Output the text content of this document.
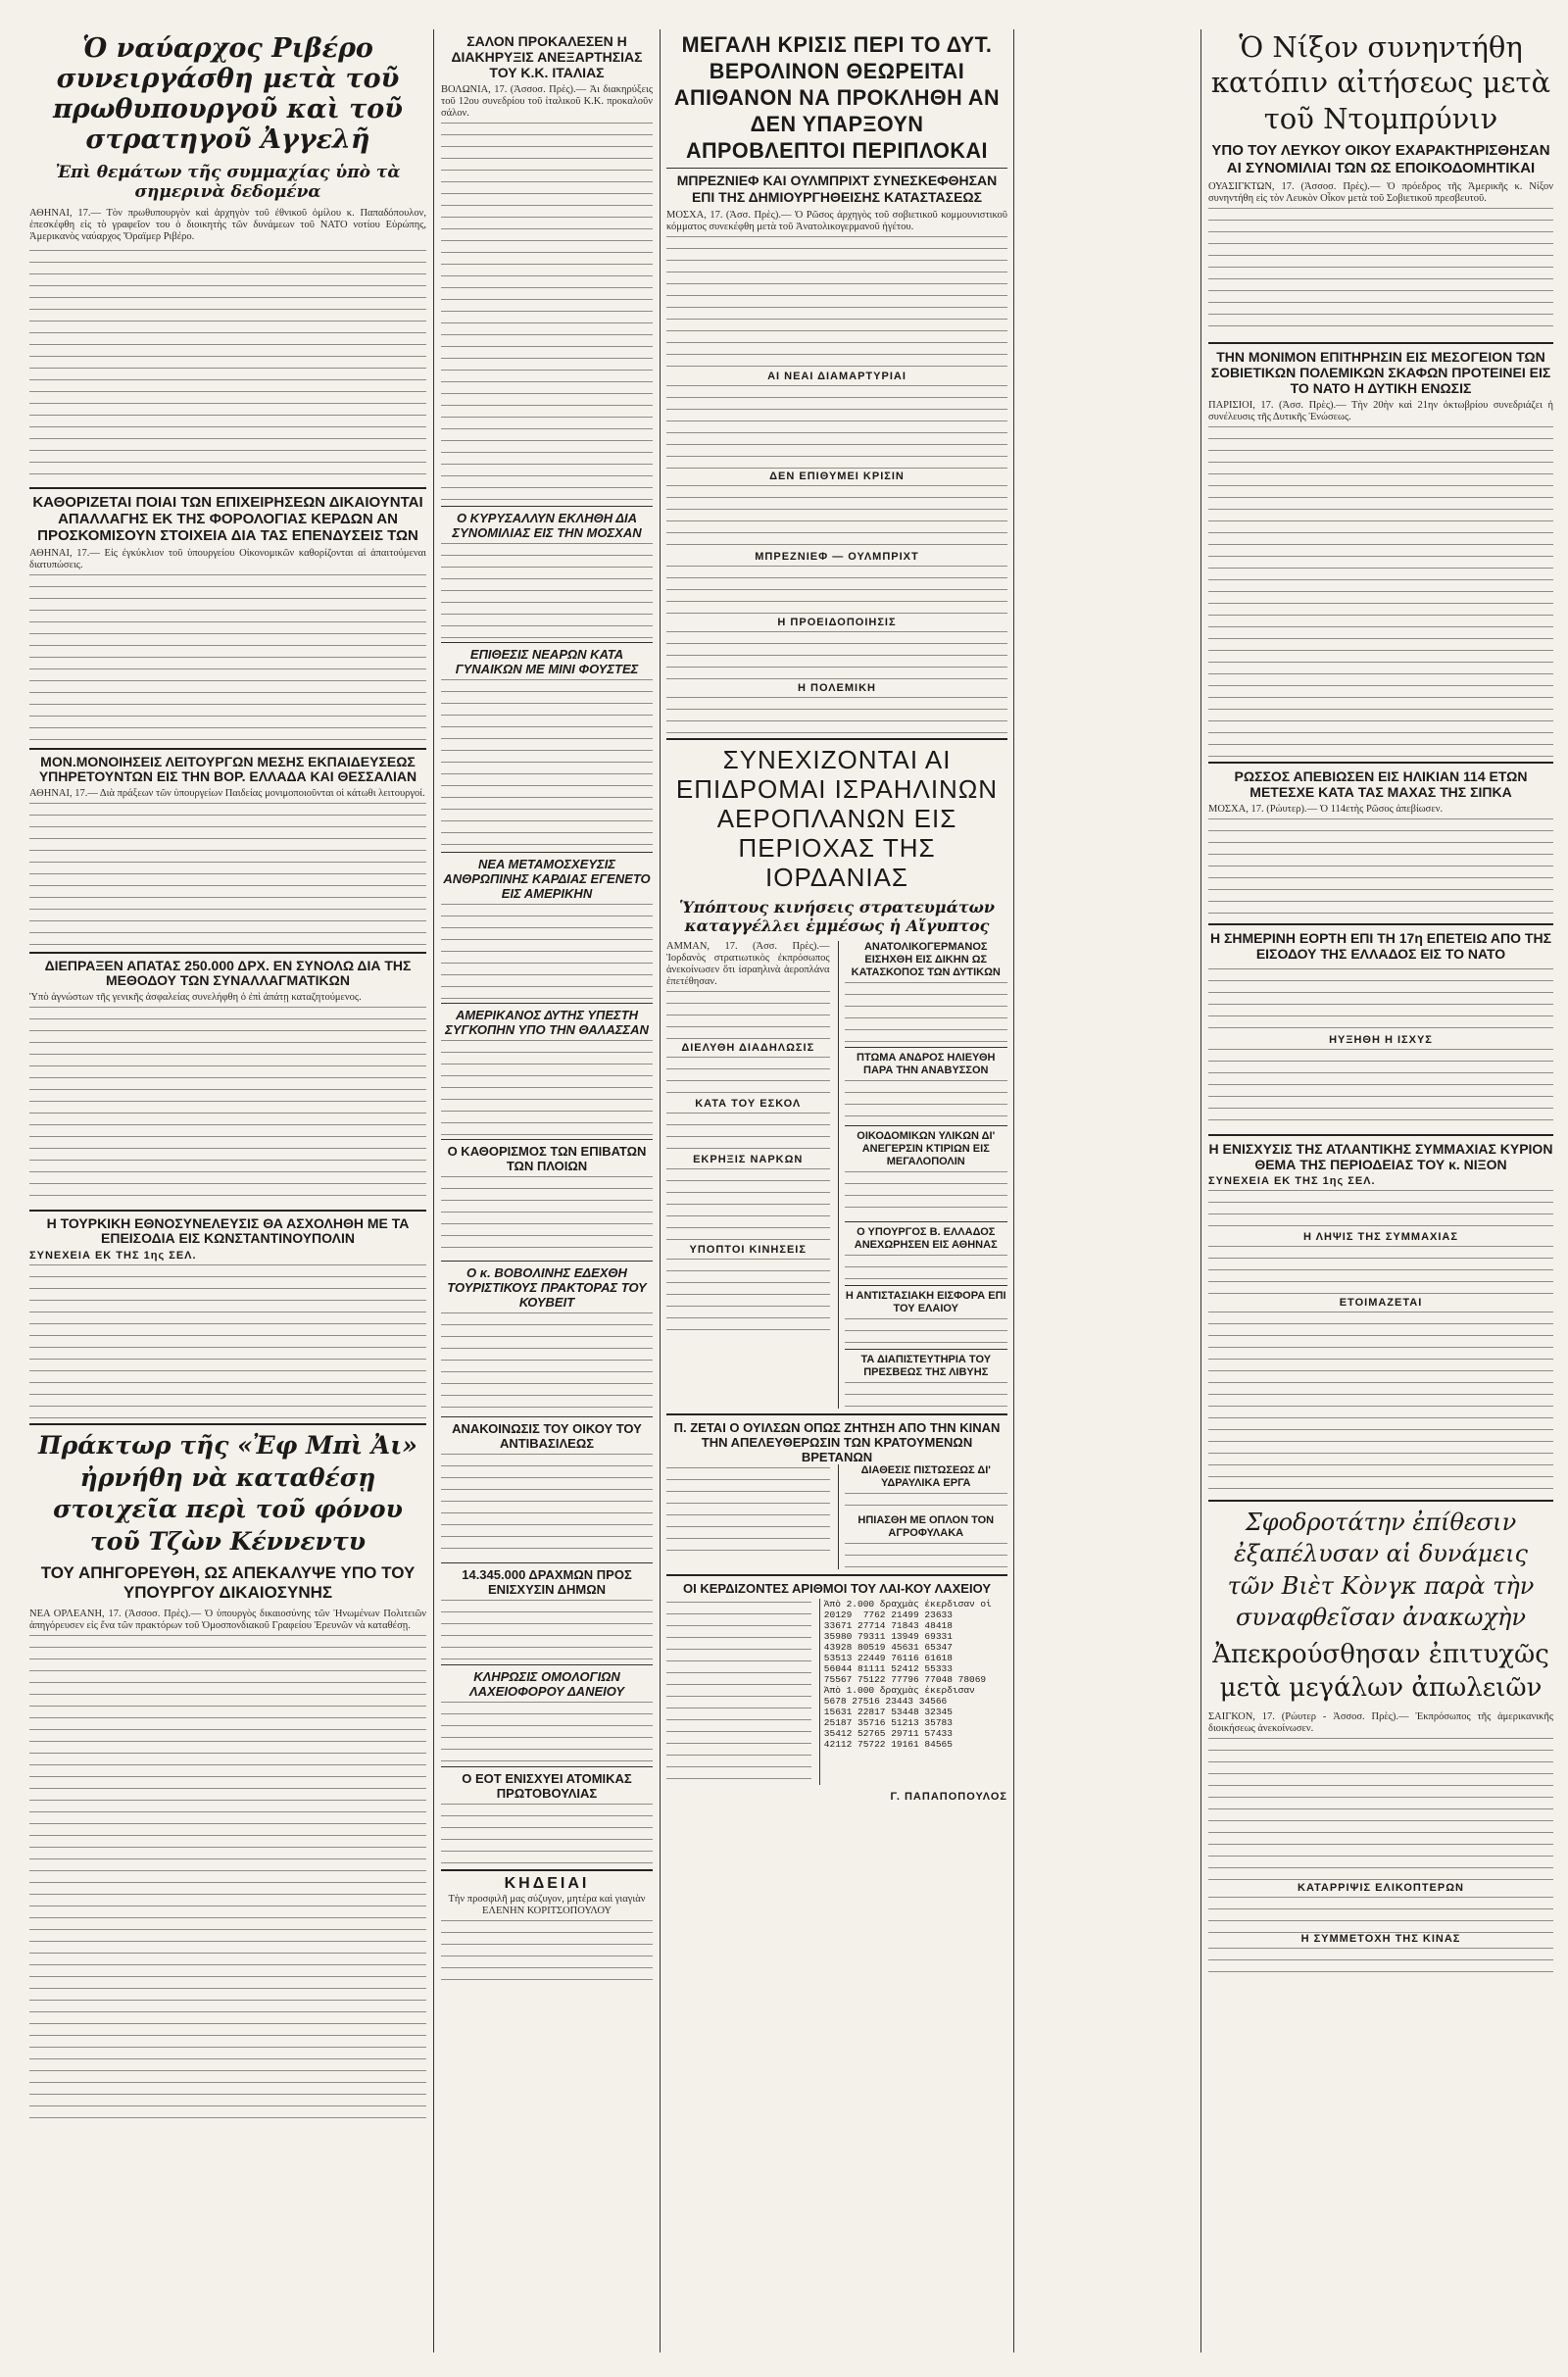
Ὁ ναύαρχος Ριβέρο συνειργάσθη μετὰ τοῦ πρωθυπουργοῦ καὶ τοῦ στρατηγοῦ Ἀγγελῆ
Ἐπὶ θεμάτων τῆς συμμαχίας ὑπὸ τὰ σημερινὰ δεδομένα
ΑΘΗΝΑΙ, 17.— Τὸν πρωθυπουργὸν καὶ ἀρχηγὸν τοῦ ἐθνικοῦ ὁμίλου κ. Παπαδόπουλον, ἐπεσκέφθη εἰς τὸ γραφεῖον του ὁ διοικητὴς τῶν δυνάμεων τοῦ ΝΑΤΟ νοτίου Εὐρώπης, Ἀμερικανὸς ναύαρχος Ὅραϊμερ Ριβέρο.
ΚΑΘΟΡΙΖΕΤΑΙ ΠΟΙΑΙ ΤΩΝ ΕΠΙΧΕΙΡΗΣΕΩΝ ΔΙΚΑΙΟΥΝΤΑΙ ΑΠΑΛΛΑΓΗΣ ΕΚ ΤΗΣ ΦΟΡΟΛΟΓΙΑΣ ΚΕΡΔΩΝ ΑΝ ΠΡΟΣΚΟΜΙΣΟΥΝ ΣΤΟΙΧΕΙΑ ΔΙΑ ΤΑΣ ΕΠΕΝΔΥΣΕΙΣ ΤΩΝ
ΑΘΗΝΑΙ, 17.— Εἰς ἐγκύκλιον τοῦ ὑπουργείου Οἰκονομικῶν καθορίζονται αἱ ἀπαιτούμεναι διατυπώσεις.
ΜΟΝ.ΜΟΝΟΙΗΣΕΙΣ ΛΕΙΤΟΥΡΓΩΝ ΜΕΣΗΣ ΕΚΠΑΙΔΕΥΣΕΩΣ ΥΠΗΡΕΤΟΥΝΤΩΝ ΕΙΣ ΤΗΝ ΒΟΡ. ΕΛΛΑΔΑ ΚΑΙ ΘΕΣΣΑΛΙΑΝ
ΑΘΗΝΑΙ, 17.— Διὰ πράξεων τῶν ὑπουργείων Παιδείας μονιμοποιοῦνται οἱ κάτωθι λειτουργοί.
ΔΙΕΠΡΑΞΕΝ ΑΠΑΤΑΣ 250.000 ΔΡΧ. ΕΝ ΣΥΝΟΛΩ ΔΙΑ ΤΗΣ ΜΕΘΟΔΟΥ ΤΩΝ ΣΥΝΑΛΛΑΓΜΑΤΙΚΩΝ
Ὑπὸ ἀγνώστων τῆς γενικῆς ἀσφαλείας συνελήφθη ὁ ἐπὶ ἀπάτῃ καταζητούμενος.
Η ΤΟΥΡΚΙΚΗ ΕΘΝΟΣΥΝΕΛΕΥΣΙΣ ΘΑ ΑΣΧΟΛΗΘΗ ΜΕ ΤΑ ΕΠΕΙΣΟΔΙΑ ΕΙΣ ΚΩΝΣΤΑΝΤΙΝΟΥΠΟΛΙΝ
ΣΥΝΕΧΕΙΑ ΕΚ ΤΗΣ 1ης ΣΕΛ.
Πράκτωρ τῆς «Ἐφ Μπὶ Ἀι» ἠρνήθη νὰ καταθέσῃ στοιχεῖα περὶ τοῦ φόνου τοῦ Τζὼν Κέννεντυ
ΤΟΥ ΑΠΗΓΟΡΕΥΘΗ, ΩΣ ΑΠΕΚΑΛΥΨΕ ΥΠΟ ΤΟΥ ΥΠΟΥΡΓΟΥ ΔΙΚΑΙΟΣΥΝΗΣ
ΝΕΑ ΟΡΛΕΑΝΗ, 17. (Ἀσσοσ. Πρὲς).— Ὁ ὑπουργὸς δικαιοσύνης τῶν Ἡνωμένων Πολιτειῶν ἀπηγόρευσεν εἰς ἕνα τῶν πρακτόρων τοῦ Ὁμοσπονδιακοῦ Γραφείου Ἐρευνῶν νὰ καταθέσῃ.
ΣΑΛΟΝ ΠΡΟΚΑΛΕΣΕΝ Η ΔΙΑΚΗΡΥΞΙΣ ΑΝΕΞΑΡΤΗΣΙΑΣ ΤΟΥ Κ.Κ. ΙΤΑΛΙΑΣ
ΒΟΛΩΝΙΑ, 17. (Ἀσσοσ. Πρὲς).— Ἀι διακηρύξεις τοῦ 12ου συνεδρίου τοῦ ἰταλικοῦ Κ.Κ. προκαλοῦν σάλον.
Ο ΚΥΡΥΣΑΛΛΥΝ ΕΚΛΗΘΗ ΔΙΑ ΣΥΝΟΜΙΛΙΑΣ ΕΙΣ ΤΗΝ ΜΟΣΧΑΝ
ΕΠΙΘΕΣΙΣ ΝΕΑΡΩΝ ΚΑΤΑ ΓΥΝΑΙΚΩΝ ΜΕ ΜΙΝΙ ΦΟΥΣΤΕΣ
ΝΕΑ ΜΕΤΑΜΟΣΧΕΥΣΙΣ ΑΝΘΡΩΠΙΝΗΣ ΚΑΡΔΙΑΣ ΕΓΕΝΕΤΟ ΕΙΣ ΑΜΕΡΙΚΗΝ
ΑΜΕΡΙΚΑΝΟΣ ΔΥΤΗΣ ΥΠΕΣΤΗ ΣΥΓΚΟΠΗΝ ΥΠΟ ΤΗΝ ΘΑΛΑΣΣΑΝ
Ο ΚΑΘΟΡΙΣΜΟΣ ΤΩΝ ΕΠΙΒΑΤΩΝ ΤΩΝ ΠΛΟΙΩΝ
Ο κ. ΒΟΒΟΛΙΝΗΣ ΕΔΕΧΘΗ ΤΟΥΡΙΣΤΙΚΟΥΣ ΠΡΑΚΤΟΡΑΣ ΤΟΥ ΚΟΥΒΕΙΤ
ΑΝΑΚΟΙΝΩΣΙΣ ΤΟΥ ΟΙΚΟΥ ΤΟΥ ΑΝΤΙΒΑΣΙΛΕΩΣ
14.345.000 ΔΡΑΧΜΩΝ ΠΡΟΣ ΕΝΙΣΧΥΣΙΝ ΔΗΜΩΝ
ΚΛΗΡΩΣΙΣ ΟΜΟΛΟΓΙΩΝ ΛΑΧΕΙΟΦΟΡΟΥ ΔΑΝΕΙΟΥ
Ο ΕΟΤ ΕΝΙΣΧΥΕΙ ΑΤΟΜΙΚΑΣ ΠΡΩΤΟΒΟΥΛΙΑΣ
ΚΗΔΕΙΑΙ
Τὴν προσφιλῆ μας σύζυγον, μητέρα καὶ γιαγιὰν ΕΛΕΝΗΝ ΚΟΡΙΤΣΟΠΟΥΛΟΥ
ΜΕΓΑΛΗ ΚΡΙΣΙΣ ΠΕΡΙ ΤΟ ΔΥΤ. ΒΕΡΟΛΙΝΟΝ ΘΕΩΡΕΙΤΑΙ ΑΠΙΘΑΝΟΝ ΝΑ ΠΡΟΚΛΗΘΗ ΑΝ ΔΕΝ ΥΠΑΡΞΟΥΝ ΑΠΡΟΒΛΕΠΤΟΙ ΠΕΡΙΠΛΟΚΑΙ
ΜΠΡΕΖΝΙΕΦ ΚΑΙ ΟΥΛΜΠΡΙΧΤ ΣΥΝΕΣΚΕΦΘΗΣΑΝ ΕΠΙ ΤΗΣ ΔΗΜΙΟΥΡΓΗΘΕΙΣΗΣ ΚΑΤΑΣΤΑΣΕΩΣ
ΜΟΣΧΑ, 17. (Ἀσσ. Πρὲς).— Ὁ Ρῶσος ἀρχηγὸς τοῦ σοβιετικοῦ κομμουνιστικοῦ κόμματος συνεκέφθη μετὰ τοῦ Ἀνατολικογερμανοῦ ἡγέτου.
ΑΙ ΝΕΑΙ ΔΙΑΜΑΡΤΥΡΙΑΙ
ΔΕΝ ΕΠΙΘΥΜΕΙ ΚΡΙΣΙΝ
ΜΠΡΕΖΝΙΕΦ — ΟΥΛΜΠΡΙΧΤ
Η ΠΡΟΕΙΔΟΠΟΙΗΣΙΣ
Η ΠΟΛΕΜΙΚΗ
ΣΥΝΕΧΙΖΟΝΤΑΙ ΑΙ ΕΠΙΔΡΟΜΑΙ ΙΣΡΑΗΛΙΝΩΝ ΑΕΡΟΠΛΑΝΩΝ ΕΙΣ ΠΕΡΙΟΧΑΣ ΤΗΣ ΙΟΡΔΑΝΙΑΣ
Ὑπόπτους κινήσεις στρατευμάτων καταγγέλλει ἐμμέσως ἡ Αἴγυπτος
ΑΜΜΑΝ, 17. (Ἀσσ. Πρὲς).— Ἰορδανὸς στρατιωτικὸς ἐκπρόσωπος ἀνεκοίνωσεν ὅτι ἰσραηλινὰ ἀεροπλάνα ἐπετέθησαν.
ΔΙΕΛΥΘΗ ΔΙΑΔΗΛΩΣΙΣ
ΚΑΤΑ ΤΟΥ ΕΣΚΟΛ
ΕΚΡΗΞΙΣ ΝΑΡΚΩΝ
ΥΠΟΠΤΟΙ ΚΙΝΗΣΕΙΣ
ΑΝΑΤΟΛΙΚΟΓΕΡΜΑΝΟΣ ΕΙΣΗΧΘΗ ΕΙΣ ΔΙΚΗΝ ΩΣ ΚΑΤΑΣΚΟΠΟΣ ΤΩΝ ΔΥΤΙΚΩΝ
ΠΤΩΜΑ ΑΝΔΡΟΣ ΗΛΙΕΥΘΗ ΠΑΡΑ ΤΗΝ ΑΝΑΒΥΣΣΟΝ
ΟΙΚΟΔΟΜΙΚΩΝ ΥΛΙΚΩΝ ΔΙ' ΑΝΕΓΕΡΣΙΝ ΚΤΙΡΙΩΝ ΕΙΣ ΜΕΓΑΛΟΠΟΛΙΝ
Ο ΥΠΟΥΡΓΟΣ Β. ΕΛΛΑΔΟΣ ΑΝΕΧΩΡΗΣΕΝ ΕΙΣ ΑΘΗΝΑΣ
Η ΑΝΤΙΣΤΑΣΙΑΚΗ ΕΙΣΦΟΡΑ ΕΠΙ ΤΟΥ ΕΛΑΙΟΥ
ΤΑ ΔΙΑΠΙΣΤΕΥΤΗΡΙΑ ΤΟΥ ΠΡΕΣΒΕΩΣ ΤΗΣ ΛΙΒΥΗΣ
Π. ΖΕΤΑΙ Ο ΟΥΙΛΣΩΝ ΟΠΩΣ ΖΗΤΗΣΗ ΑΠΟ ΤΗΝ ΚΙΝΑΝ ΤΗΝ ΑΠΕΛΕΥΘΕΡΩΣΙΝ ΤΩΝ ΚΡΑΤΟΥΜΕΝΩΝ ΒΡΕΤΑΝΩΝ
ΔΙΑΘΕΣΙΣ ΠΙΣΤΩΣΕΩΣ ΔΙ' ΥΔΡΑΥΛΙΚΑ ΕΡΓΑ
ΗΠΙΑΣΘΗ ΜΕ ΟΠΛΟΝ ΤΟΝ ΑΓΡΟΦΥΛΑΚΑ
ΟΙ ΚΕΡΔΙΖΟΝΤΕΣ ΑΡΙΘΜΟΙ ΤΟΥ ΛΑΙ-ΚΟΥ ΛΑΧΕΙΟΥ
Ἀπὸ 2.000 δραχμὰς ἐκερδισαν οἱ
20129  7762 21499 23633
33671 27714 71843 48418
35980 79311 13949 69331
43928 80519 45631 65347
53513 22449 76116 61618
56044 81111 52412 55333
75567 75122 77796 77048 78069
Ἀπὸ 1.000 δραχμὰς ἐκερδισαν
5678 27516 23443 34566
15631 22817 53448 32345
25187 35716 51213 35783
35412 52765 29711 57433
42112 75722 19161 84565
Γ. ΠΑΠΑΠΟΠΟΥΛΟΣ
Ὁ Νίξον συνηντήθη κατόπιν αἰτήσεως μετὰ τοῦ Ντομπρύνιν
ΥΠΟ ΤΟΥ ΛΕΥΚΟΥ ΟΙΚΟΥ ΕΧΑΡΑΚΤΗΡΙΣΘΗΣΑΝ ΑΙ ΣΥΝΟΜΙΛΙΑΙ ΤΩΝ ΩΣ ΕΠΟΙΚΟΔΟΜΗΤΙΚΑΙ
ΟΥΑΣΙΓΚΤΩΝ, 17. (Ἀσσοσ. Πρὲς).— Ὁ πρόεδρος τῆς Ἀμερικῆς κ. Νίξον συνηντήθη εἰς τὸν Λευκὸν Οἶκον μετὰ τοῦ Σοβιετικοῦ πρεσβευτοῦ.
ΤΗΝ ΜΟΝΙΜΟΝ ΕΠΙΤΗΡΗΣΙΝ ΕΙΣ ΜΕΣΟΓΕΙΟΝ ΤΩΝ ΣΟΒΙΕΤΙΚΩΝ ΠΟΛΕΜΙΚΩΝ ΣΚΑΦΩΝ ΠΡΟΤΕΙΝΕΙ ΕΙΣ ΤΟ ΝΑΤΟ Η ΔΥΤΙΚΗ ΕΝΩΣΙΣ
ΠΑΡΙΣΙΟΙ, 17. (Ἀσσ. Πρὲς).— Τὴν 20ὴν καὶ 21ην ὀκτωβρίου συνεδριάζει ἡ συνέλευσις τῆς Δυτικῆς Ἑνώσεως.
ΡΩΣΣΟΣ ΑΠΕΒΙΩΣΕΝ ΕΙΣ ΗΛΙΚΙΑΝ 114 ΕΤΩΝ ΜΕΤΕΣΧΕ ΚΑΤΑ ΤΑΣ ΜΑΧΑΣ ΤΗΣ ΣΙΠΚΑ
ΜΟΣΧΑ, 17. (Ρώυτερ).— Ὁ 114ετὴς Ρῶσος ἀπεβίωσεν.
Η ΣΗΜΕΡΙΝΗ ΕΟΡΤΗ ΕΠΙ ΤΗ 17η ΕΠΕΤΕΙΩ ΑΠΟ ΤΗΣ ΕΙΣΟΔΟΥ ΤΗΣ ΕΛΛΑΔΟΣ ΕΙΣ ΤΟ ΝΑΤΟ
ΗΥΞΗΘΗ Η ΙΣΧΥΣ
Η ΕΝΙΣΧΥΣΙΣ ΤΗΣ ΑΤΛΑΝΤΙΚΗΣ ΣΥΜΜΑΧΙΑΣ ΚΥΡΙΟΝ ΘΕΜΑ ΤΗΣ ΠΕΡΙΟΔΕΙΑΣ ΤΟΥ κ. ΝΙΞΟΝ
ΣΥΝΕΧΕΙΑ ΕΚ ΤΗΣ 1ης ΣΕΛ.
Η ΛΗΨΙΣ ΤΗΣ ΣΥΜΜΑΧΙΑΣ
ΕΤΟΙΜΑΖΕΤΑΙ
Σφοδροτάτην ἐπίθεσιν ἐξαπέλυσαν αἱ δυνάμεις τῶν Βιὲτ Κὸνγκ παρὰ τὴν συναφθεῖσαν ἀνακωχὴν
Ἀπεκρούσθησαν ἐπιτυχῶς μετὰ μεγάλων ἀπωλειῶν
ΣΑΙΓΚΟΝ, 17. (Ρώυτερ - Ἀσσοσ. Πρὲς).— Ἐκπρόσωπος τῆς ἀμερικανικῆς διοικήσεως ἀνεκοίνωσεν.
ΚΑΤΑΡΡΙΨΙΣ ΕΛΙΚΟΠΤΕΡΩΝ
Η ΣΥΜΜΕΤΟΧΗ ΤΗΣ ΚΙΝΑΣ
